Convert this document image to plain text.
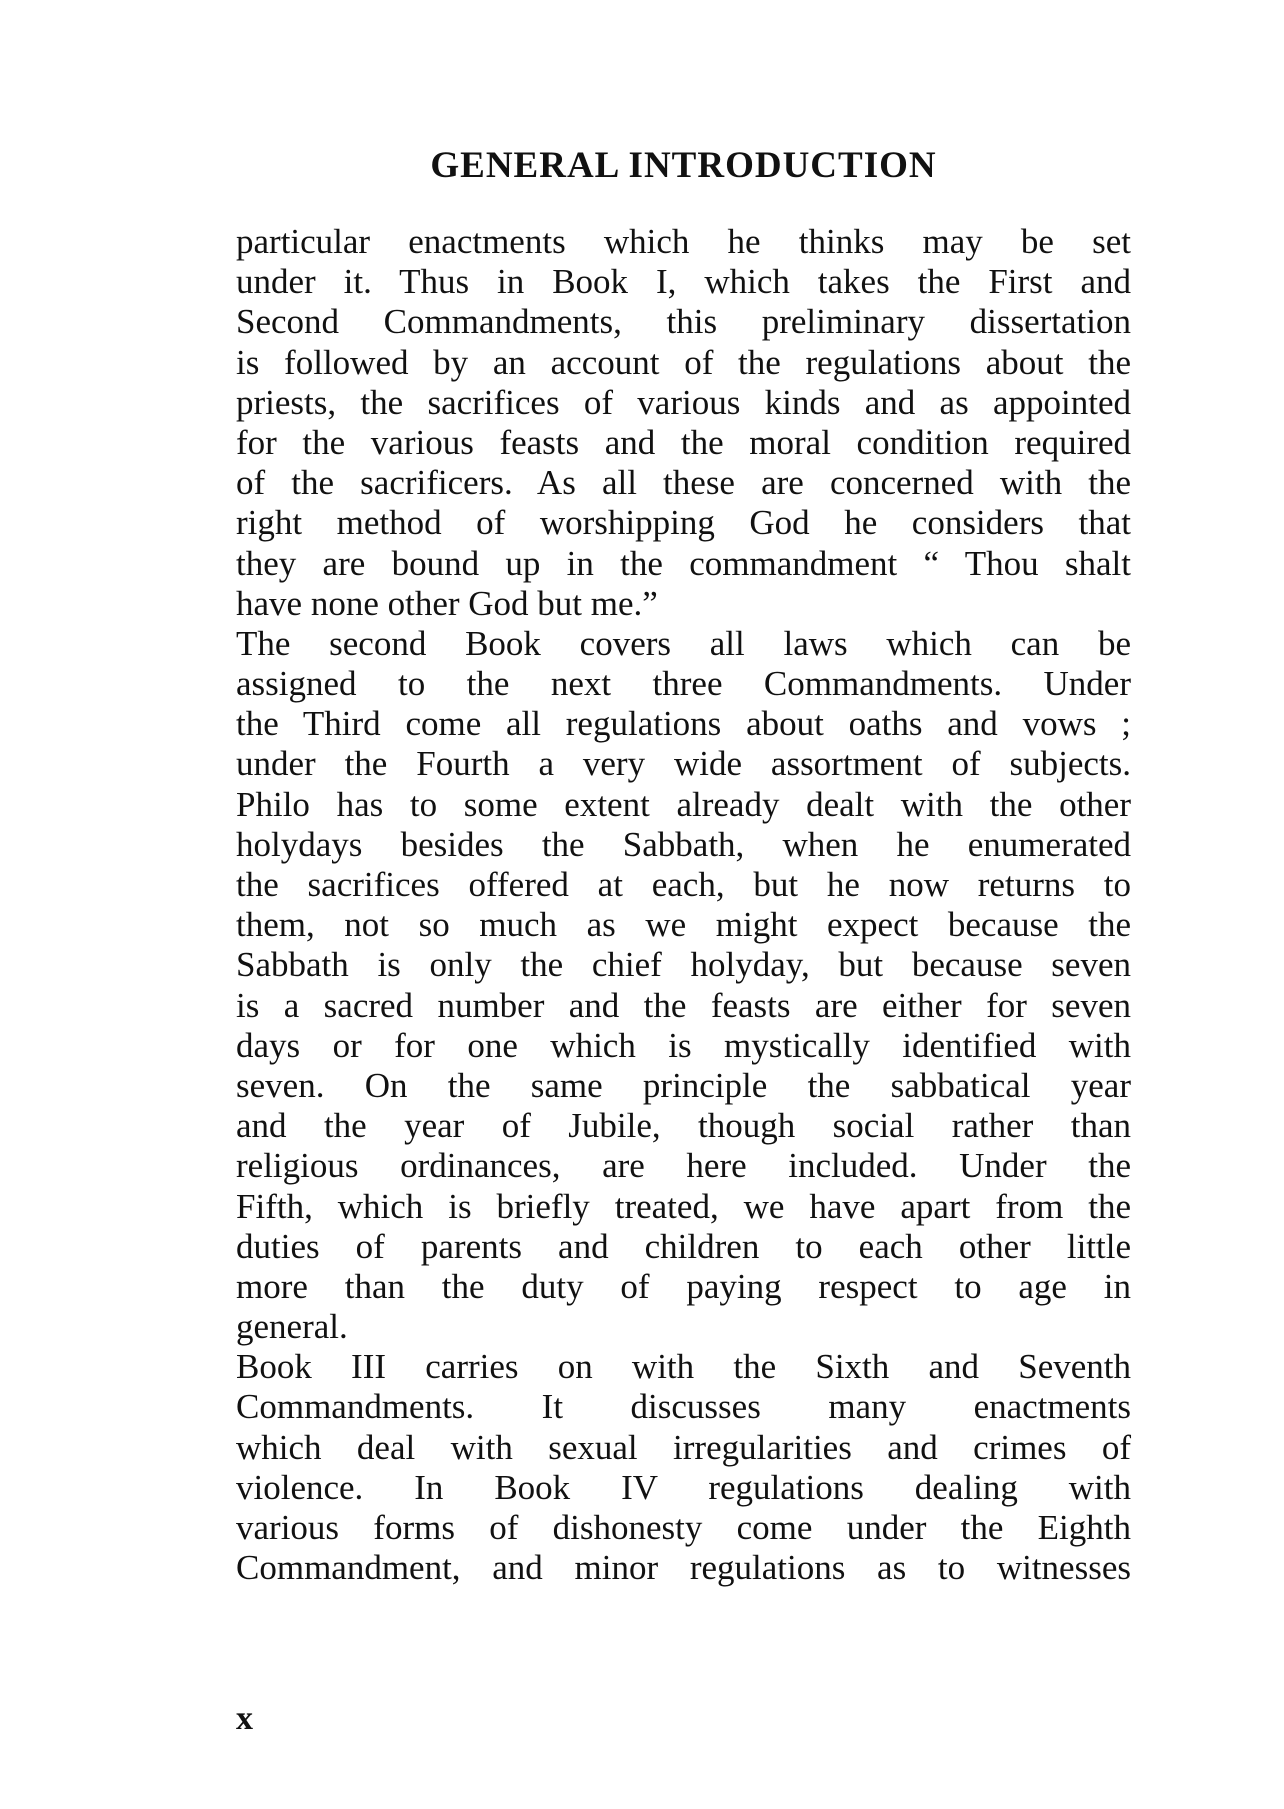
GENERAL INTRODUCTION
particular enactments which he thinks may be set
under it. Thus in Book I, which takes the First and
Second Commandments, this preliminary dissertation
is followed by an account of the regulations about the
priests, the sacrifices of various kinds and as appointed
for the various feasts and the moral condition required
of the sacrificers. As all these are concerned with the
right method of worshipping God he considers that
they are bound up in the commandment “ Thou shalt
have none other God but me.”
The second Book covers all laws which can be
assigned to the next three Commandments. Under
the Third come all regulations about oaths and vows ;
under the Fourth a very wide assortment of subjects.
Philo has to some extent already dealt with the other
holydays besides the Sabbath, when he enumerated
the sacrifices offered at each, but he now returns to
them, not so much as we might expect because the
Sabbath is only the chief holyday, but because seven
is a sacred number and the feasts are either for seven
days or for one which is mystically identified with
seven. On the same principle the sabbatical year
and the year of Jubile, though social rather than
religious ordinances, are here included. Under the
Fifth, which is briefly treated, we have apart from the
duties of parents and children to each other little
more than the duty of paying respect to age in
general.
Book III carries on with the Sixth and Seventh
Commandments. It discusses many enactments
which deal with sexual irregularities and crimes of
violence. In Book IV regulations dealing with
various forms of dishonesty come under the Eighth
Commandment, and minor regulations as to witnesses
x
